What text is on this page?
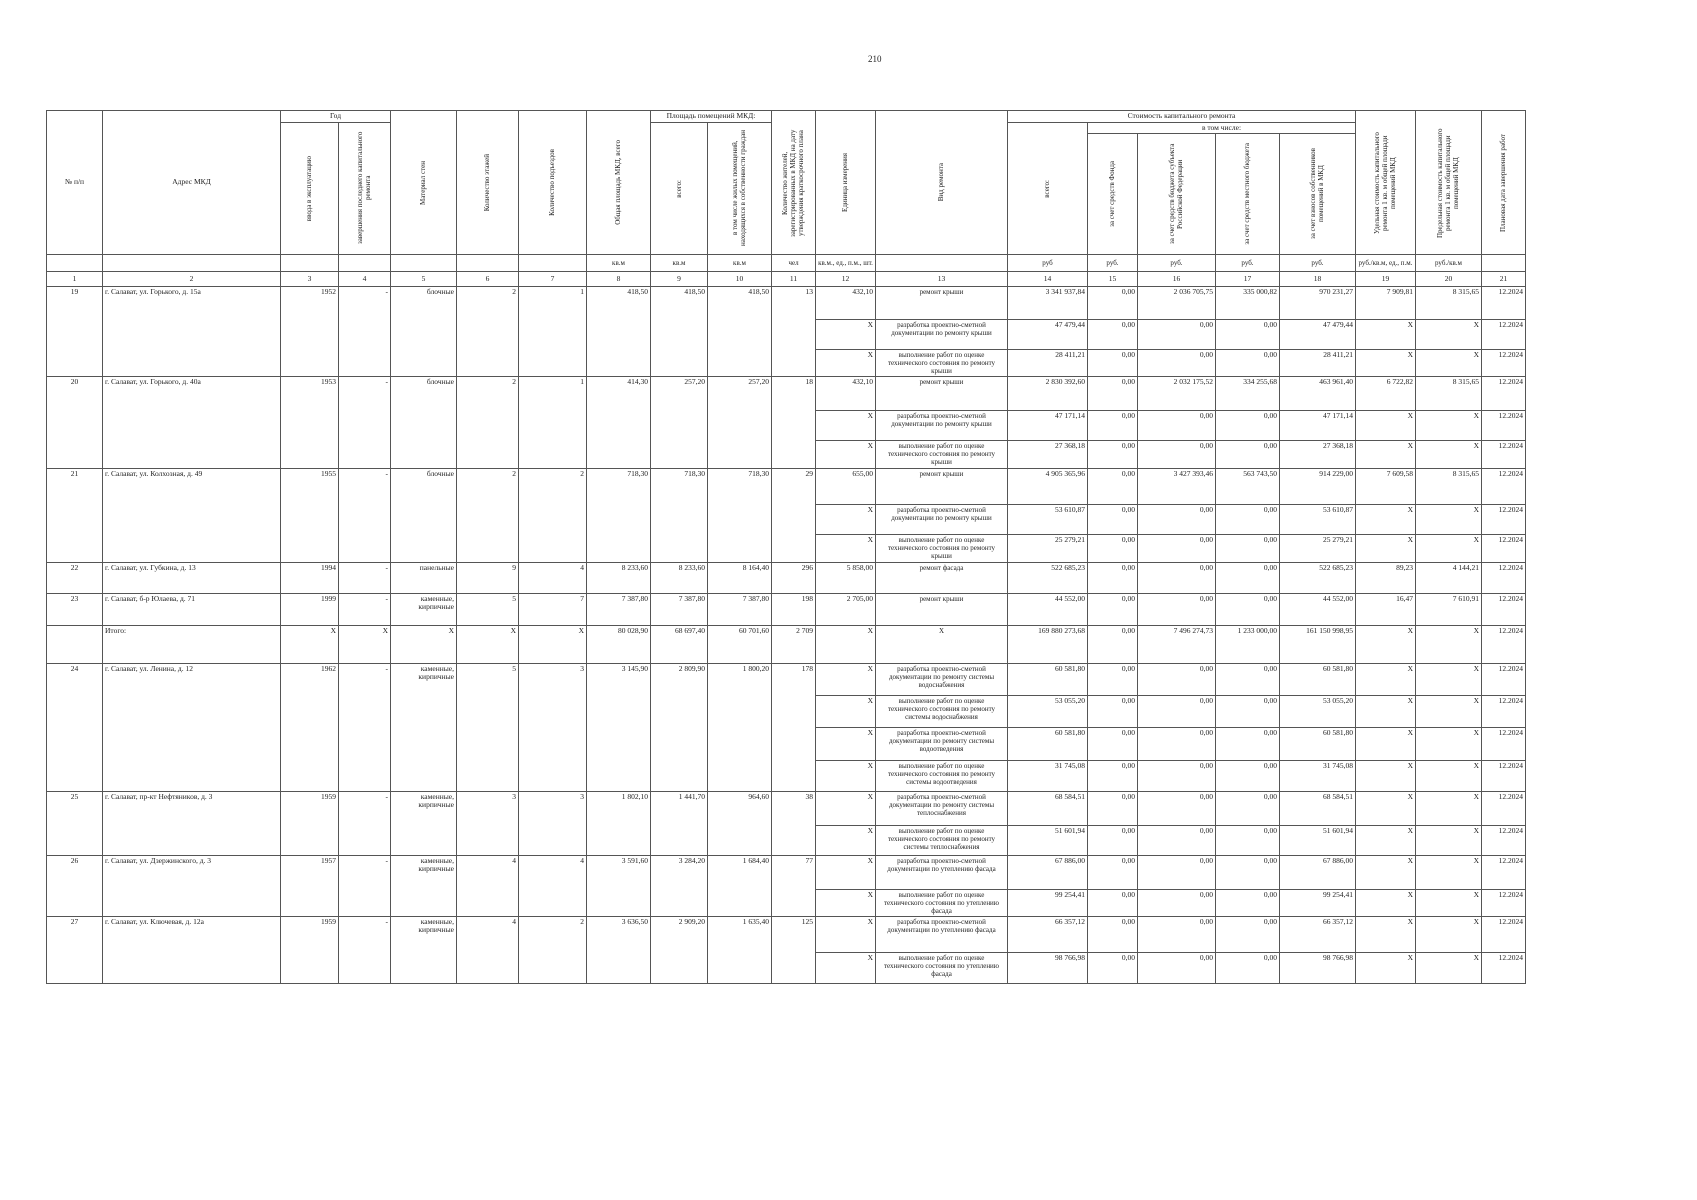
210
№ п/п	Адрес МКД	Год		Материал стен	Количество этажей	Количество подъездов	Общая площадь МКД, всего	Площадь помещений МКД:		Количество жителей, зарегистрированных в МКД на дату утверждения краткосрочного плана	Единица измерения	Вид ремонта	Стоимость капитального ремонта					Удельная стоимость капитального ремонта 1 кв. м общей площади помещений МКД	Предельная стоимость капитального ремонта 1 кв. м общей площади помещений МКД	Плановая дата завершения работ

		ввода в эксплуатацию	завершения последнего капитального ремонта					всего:	в том числе жилых помещений, находящихся в собственности граждан				всего:	в том числе:						

														за счет средств Фонда	за счет средств бюджета субъекта Российской Федерации	за счет средств местного бюджета	за счет взносов собственников помещений в МКД			

							кв.м	кв.м	кв.м	чел	кв.м., ед., п.м., шт.		руб	руб.	руб.	руб.	руб.	руб./кв.м, ед., п.м.	руб./кв.м	
1	2	3	4	5	6	7	8	9	10	11	12	13	14	15	16	17	18	19	20	21
19	г. Салават, ул. Горького, д. 15а	1952	-	блочные	2	1	418,50	418,50	418,50	13	432,10	ремонт крыши	3 341 937,84	0,00	2 036 705,75	335 000,82	970 231,27	7 909,81	8 315,65	12.2024
											X	разработка проектно-сметной документации по ремонту крыши	47 479,44	0,00	0,00	0,00	47 479,44	X	X	12.2024
											X	выполнение работ по оценке технического состояния по ремонту крыши	28 411,21	0,00	0,00	0,00	28 411,21	X	X	12.2024
20	г. Салават, ул. Горького, д. 40а	1953	-	блочные	2	1	414,30	257,20	257,20	18	432,10	ремонт крыши	2 830 392,60	0,00	2 032 175,52	334 255,68	463 961,40	6 722,82	8 315,65	12.2024
											X	разработка проектно-сметной документации по ремонту крыши	47 171,14	0,00	0,00	0,00	47 171,14	X	X	12.2024
											X	выполнение работ по оценке технического состояния по ремонту крыши	27 368,18	0,00	0,00	0,00	27 368,18	X	X	12.2024
21	г. Салават, ул. Колхозная, д. 49	1955	-	блочные	2	2	718,30	718,30	718,30	29	655,00	ремонт крыши	4 905 365,96	0,00	3 427 393,46	563 743,50	914 229,00	7 609,58	8 315,65	12.2024
											X	разработка проектно-сметной документации по ремонту крыши	53 610,87	0,00	0,00	0,00	53 610,87	X	X	12.2024
											X	выполнение работ по оценке технического состояния по ремонту крыши	25 279,21	0,00	0,00	0,00	25 279,21	X	X	12.2024
22	г. Салават, ул. Губкина, д. 13	1994	-	панельные	9	4	8 233,60	8 233,60	8 164,40	296	5 858,00	ремонт фасада	522 685,23	0,00	0,00	0,00	522 685,23	89,23	4 144,21	12.2024
23	г. Салават, б-р Юлаева, д. 71	1999	-	каменные, кирпичные	5	7	7 387,80	7 387,80	7 387,80	198	2 705,00	ремонт крыши	44 552,00	0,00	0,00	0,00	44 552,00	16,47	7 610,91	12.2024
	Итого:	X	X	X	X	X	80 028,90	68 697,40	60 701,60	2 709	X	X	169 880 273,68	0,00	7 496 274,73	1 233 000,00	161 150 998,95	X	X	12.2024
24	г. Салават, ул. Ленина, д. 12	1962	-	каменные, кирпичные	5	3	3 145,90	2 809,90	1 800,20	178	X	разработка проектно-сметной документации по ремонту системы водоснабжения	60 581,80	0,00	0,00	0,00	60 581,80	X	X	12.2024
											X	выполнение работ по оценке технического состояния по ремонту системы водоснабжения	53 055,20	0,00	0,00	0,00	53 055,20	X	X	12.2024
											X	разработка проектно-сметной документации по ремонту системы водоотведения	60 581,80	0,00	0,00	0,00	60 581,80	X	X	12.2024
											X	выполнение работ по оценке технического состояния по ремонту системы водоотведения	31 745,08	0,00	0,00	0,00	31 745,08	X	X	12.2024
25	г. Салават, пр-кт Нефтяников, д. 3	1959	-	каменные, кирпичные	3	3	1 802,10	1 441,70	964,60	38	X	разработка проектно-сметной документации по ремонту системы теплоснабжения	68 584,51	0,00	0,00	0,00	68 584,51	X	X	12.2024
											X	выполнение работ по оценке технического состояния по ремонту системы теплоснабжения	51 601,94	0,00	0,00	0,00	51 601,94	X	X	12.2024
26	г. Салават, ул. Дзержинского, д. 3	1957	-	каменные, кирпичные	4	4	3 591,60	3 284,20	1 684,40	77	X	разработка проектно-сметной документации по утеплению фасада	67 886,00	0,00	0,00	0,00	67 886,00	X	X	12.2024
											X	выполнение работ по оценке технического состояния по утеплению фасада	99 254,41	0,00	0,00	0,00	99 254,41	X	X	12.2024
27	г. Салават, ул. Ключевая, д. 12а	1959	-	каменные, кирпичные	4	2	3 636,50	2 909,20	1 635,40	125	X	разработка проектно-сметной документации по утеплению фасада	66 357,12	0,00	0,00	0,00	66 357,12	X	X	12.2024
											X	выполнение работ по оценке технического состояния по утеплению фасада	98 766,98	0,00	0,00	0,00	98 766,98	X	X	12.2024
